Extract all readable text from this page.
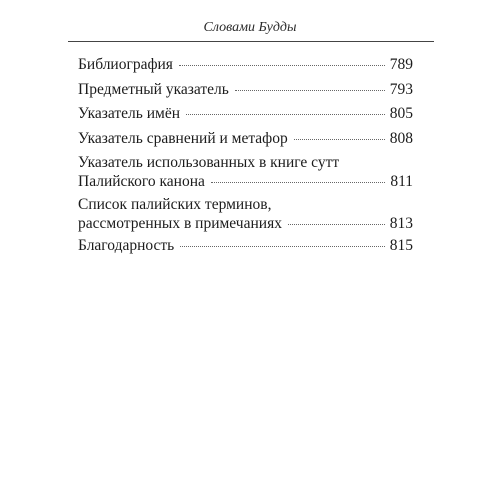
Словами Будды
Библиография	789
Предметный указатель	793
Указатель имён	805
Указатель сравнений и метафор	808
Указатель использованных в книге сутт
Палийского канона	811
Список палийских терминов,
рассмотренных в примечаниях	813
Благодарность	815
